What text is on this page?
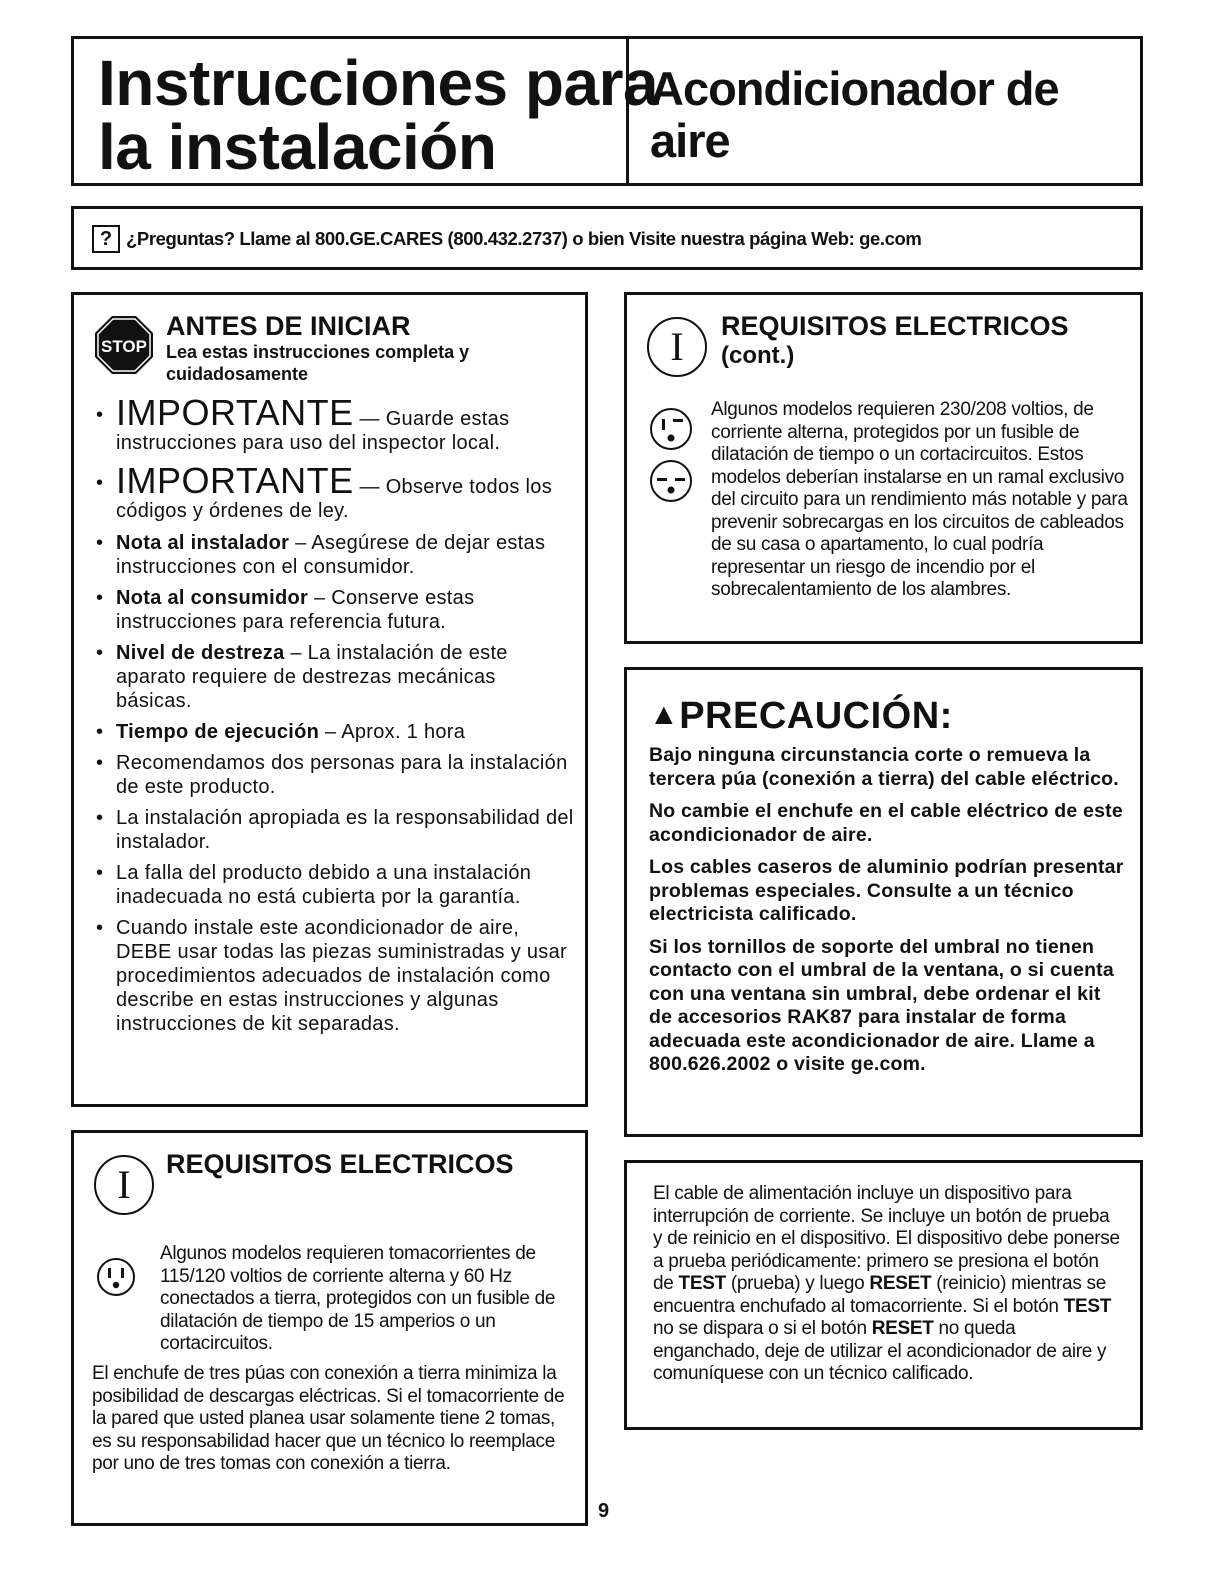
Instrucciones para
la instalación
Acondicionador de aire
? ¿Preguntas? Llame al 800.GE.CARES (800.432.2737) o bien Visite nuestra página Web: ge.com
STOP
ANTES DE INICIAR
Lea estas instrucciones completa y
cuidadosamente
• IMPORTANTE — Guarde estas instrucciones para uso del inspector local.
• IMPORTANTE — Observe todos los códigos y órdenes de ley.
• Nota al instalador – Asegúrese de dejar estas instrucciones con el consumidor.
• Nota al consumidor – Conserve estas instrucciones para referencia futura.
• Nivel de destreza – La instalación de este aparato requiere de destrezas mecánicas básicas.
• Tiempo de ejecución – Aprox. 1 hora
• Recomendamos dos personas para la instalación de este producto.
• La instalación apropiada es la responsabilidad del instalador.
• La falla del producto debido a una instalación inadecuada no está cubierta por la garantía.
• Cuando instale este acondicionador de aire, DEBE usar todas las piezas suministradas y usar procedimientos adecuados de instalación como describe en estas instrucciones y algunas instrucciones de kit separadas.
I	REQUISITOS ELECTRICOS
Algunos modelos requieren tomacorrientes de 115/120 voltios de corriente alterna y 60 Hz conectados a tierra, protegidos con un fusible de dilatación de tiempo de 15 amperios o un cortacircuitos.
El enchufe de tres púas con conexión a tierra minimiza la posibilidad de descargas eléctricas. Si el tomacorriente de la pared que usted planea usar solamente tiene 2 tomas, es su responsabilidad hacer que un técnico lo reemplace por uno de tres tomas con conexión a tierra.
I	REQUISITOS ELECTRICOS
(cont.)
Algunos modelos requieren 230/208 voltios, de corriente alterna, protegidos por un fusible de dilatación de tiempo o un cortacircuitos. Estos modelos deberían instalarse en un ramal exclusivo del circuito para un rendimiento más notable y para prevenir sobrecargas en los circuitos de cableados de su casa o apartamento, lo cual podría representar un riesgo de incendio por el sobrecalentamiento de los alambres.
▲PRECAUCIÓN:

Bajo ninguna circunstancia corte o remueva la tercera púa (conexión a tierra) del cable eléctrico.

No cambie el enchufe en el cable eléctrico de este acondicionador de aire.

Los cables caseros de aluminio podrían presentar problemas especiales. Consulte a un técnico electricista calificado.

Si los tornillos de soporte del umbral no tienen contacto con el umbral de la ventana, o si cuenta con una ventana sin umbral, debe ordenar el kit de accesorios RAK87 para instalar de forma adecuada este acondicionador de aire. Llame a 800.626.2002 o visite ge.com.

El cable de alimentación incluye un dispositivo para interrupción de corriente. Se incluye un botón de prueba y de reinicio en el dispositivo. El dispositivo debe ponerse a prueba periódicamente: primero se presiona el botón de TEST (prueba) y luego RESET (reinicio) mientras se encuentra enchufado al tomacorriente. Si el botón TEST no se dispara o si el botón RESET no queda enganchado, deje de utilizar el acondicionador de aire y comuníquese con un técnico calificado.
9
